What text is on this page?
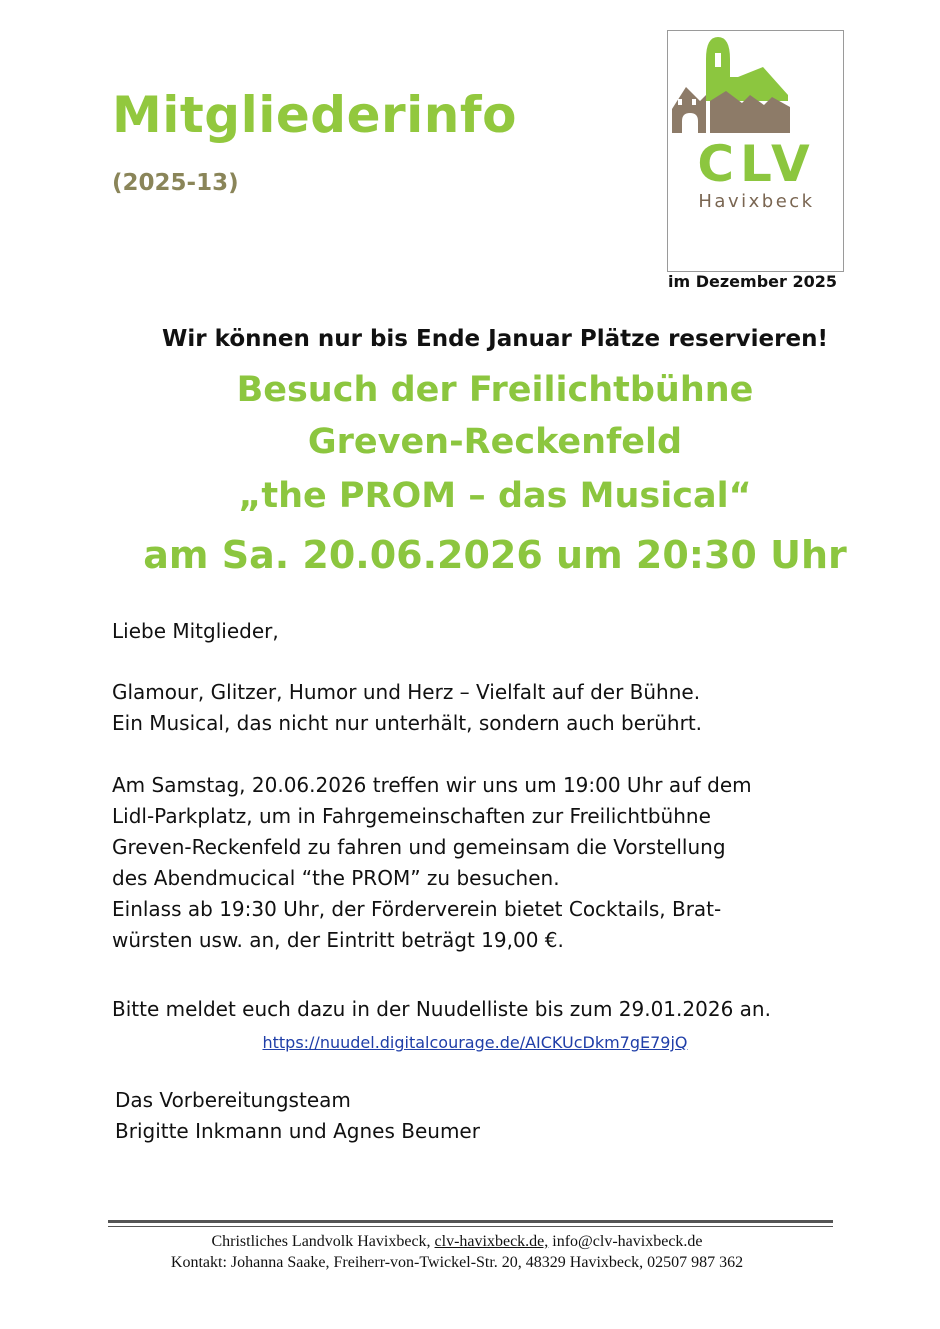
Mitgliederinfo
(2025-13)	CLV
Havixbeck
im Dezember 2025
Wir können nur bis Ende Januar Plätze reservieren!
Besuch der Freilichtbühne
Greven-Reckenfeld
„the PROM – das Musical“
am Sa. 20.06.2026 um 20:30 Uhr
Liebe Mitglieder,
Glamour, Glitzer, Humor und Herz – Vielfalt auf der Bühne.
Ein Musical, das nicht nur unterhält, sondern auch berührt.
Am Samstag, 20.06.2026 treffen wir uns um 19:00 Uhr auf dem
Lidl-Parkplatz, um in Fahrgemeinschaften zur Freilichtbühne
Greven-Reckenfeld zu fahren und gemeinsam die Vorstellung
des Abendmucical “the PROM” zu besuchen.
Einlass ab 19:30 Uhr, der Förderverein bietet Cocktails, Brat-
würsten usw. an, der Eintritt beträgt 19,00 €.
Bitte meldet euch dazu in der Nuudelliste bis zum 29.01.2026 an.
https://nuudel.digitalcourage.de/AICKUcDkm7gE79jQ
Das Vorbereitungsteam
Brigitte Inkmann und Agnes Beumer
Christliches Landvolk Havixbeck, clv-havixbeck.de, info@clv-havixbeck.de
Kontakt: Johanna Saake, Freiherr-von-Twickel-Str. 20, 48329 Havixbeck, 02507 987 362
